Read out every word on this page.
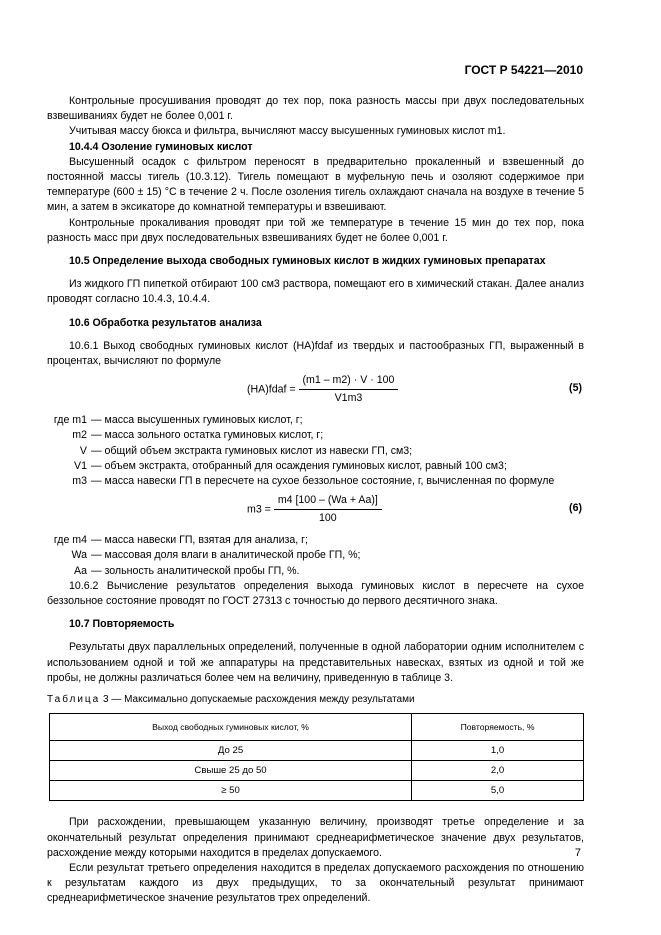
ГОСТ Р 54221—2010

Контрольные просушивания проводят до тех пор, пока разность массы при двух последовательных взвешиваниях будет не более 0,001 г.

Учитывая массу бюкса и фильтра, вычисляют массу высушенных гуминовых кислот m1.

10.4.4 Озоление гуминовых кислот

Высушенный осадок с фильтром переносят в предварительно прокаленный и взвешенный до постоянной массы тигель (10.3.12). Тигель помещают в муфельную печь и озоляют содержимое при температуре (600 ± 15) °С в течение 2 ч. После озоления тигель охлаждают сначала на воздухе в течение 5 мин, а затем в эксикаторе до комнатной температуры и взвешивают.

Контрольные прокаливания проводят при той же температуре в течение 15 мин до тех пор, пока разность масс при двух последовательных взвешиваниях будет не более 0,001 г.

10.5 Определение выхода свободных гуминовых кислот в жидких гуминовых препаратах

Из жидкого ГП пипеткой отбирают 100 см3 раствора, помещают его в химический стакан. Далее анализ проводят согласно 10.4.3, 10.4.4.

10.6 Обработка результатов анализа

10.6.1 Выход свободных гуминовых кислот (НА)fdaf из твердых и пастообразных ГП, выраженный в процентах, вычисляют по формуле

(HA)fdaf = $\frac{(m1 - m2) \cdot V \cdot 100}{V1m3}$	(5)
где m1 — масса высушенных гуминовых кислот, г;
m2 — масса зольного остатка гуминовых кислот, г;
V — общий объем экстракта гуминовых кислот из навески ГП, см3;
V1 — объем экстракта, отобранный для осаждения гуминовых кислот, равный 100 см3;
m3 — масса навески ГП в пересчете на сухое беззольное состояние, г, вычисленная по формуле
$m3 = \frac{m4 [100 - (Wa + Aa)]}{100}$	(6)
где m4 — масса навески ГП, взятая для анализа, г;
Wa — массовая доля влаги в аналитической пробе ГП, %;
Aa — зольность аналитической пробы ГП, %.

10.6.2 Вычисление результатов определения выхода гуминовых кислот в пересчете на сухое беззольное состояние проводят по ГОСТ 27313 с точностью до первого десятичного знака.

10.7 Повторяемость

Результаты двух параллельных определений, полученные в одной лаборатории одним исполнителем с использованием одной и той же аппаратуры на представительных навесках, взятых из одной и той же пробы, не должны различаться более чем на величину, приведенную в таблице 3.

Таблица 3 — Максимально допускаемые расхождения между результатами
Выход свободных гуминовых кислот, %	Повторяемость, %
До 25	1,0
Свыше 25 до 50	2,0
≥ 50	5,0

При расхождении, превышающем указанную величину, производят третье определение и за окончательный результат определения принимают среднеарифметическое значение двух результатов, расхождение между которыми находится в пределах допускаемого.

Если результат третьего определения находится в пределах допускаемого расхождения по отношению к результатам каждого из двух предыдущих, то за окончательный результат принимают среднеарифметическое значение результатов трех определений.

7
